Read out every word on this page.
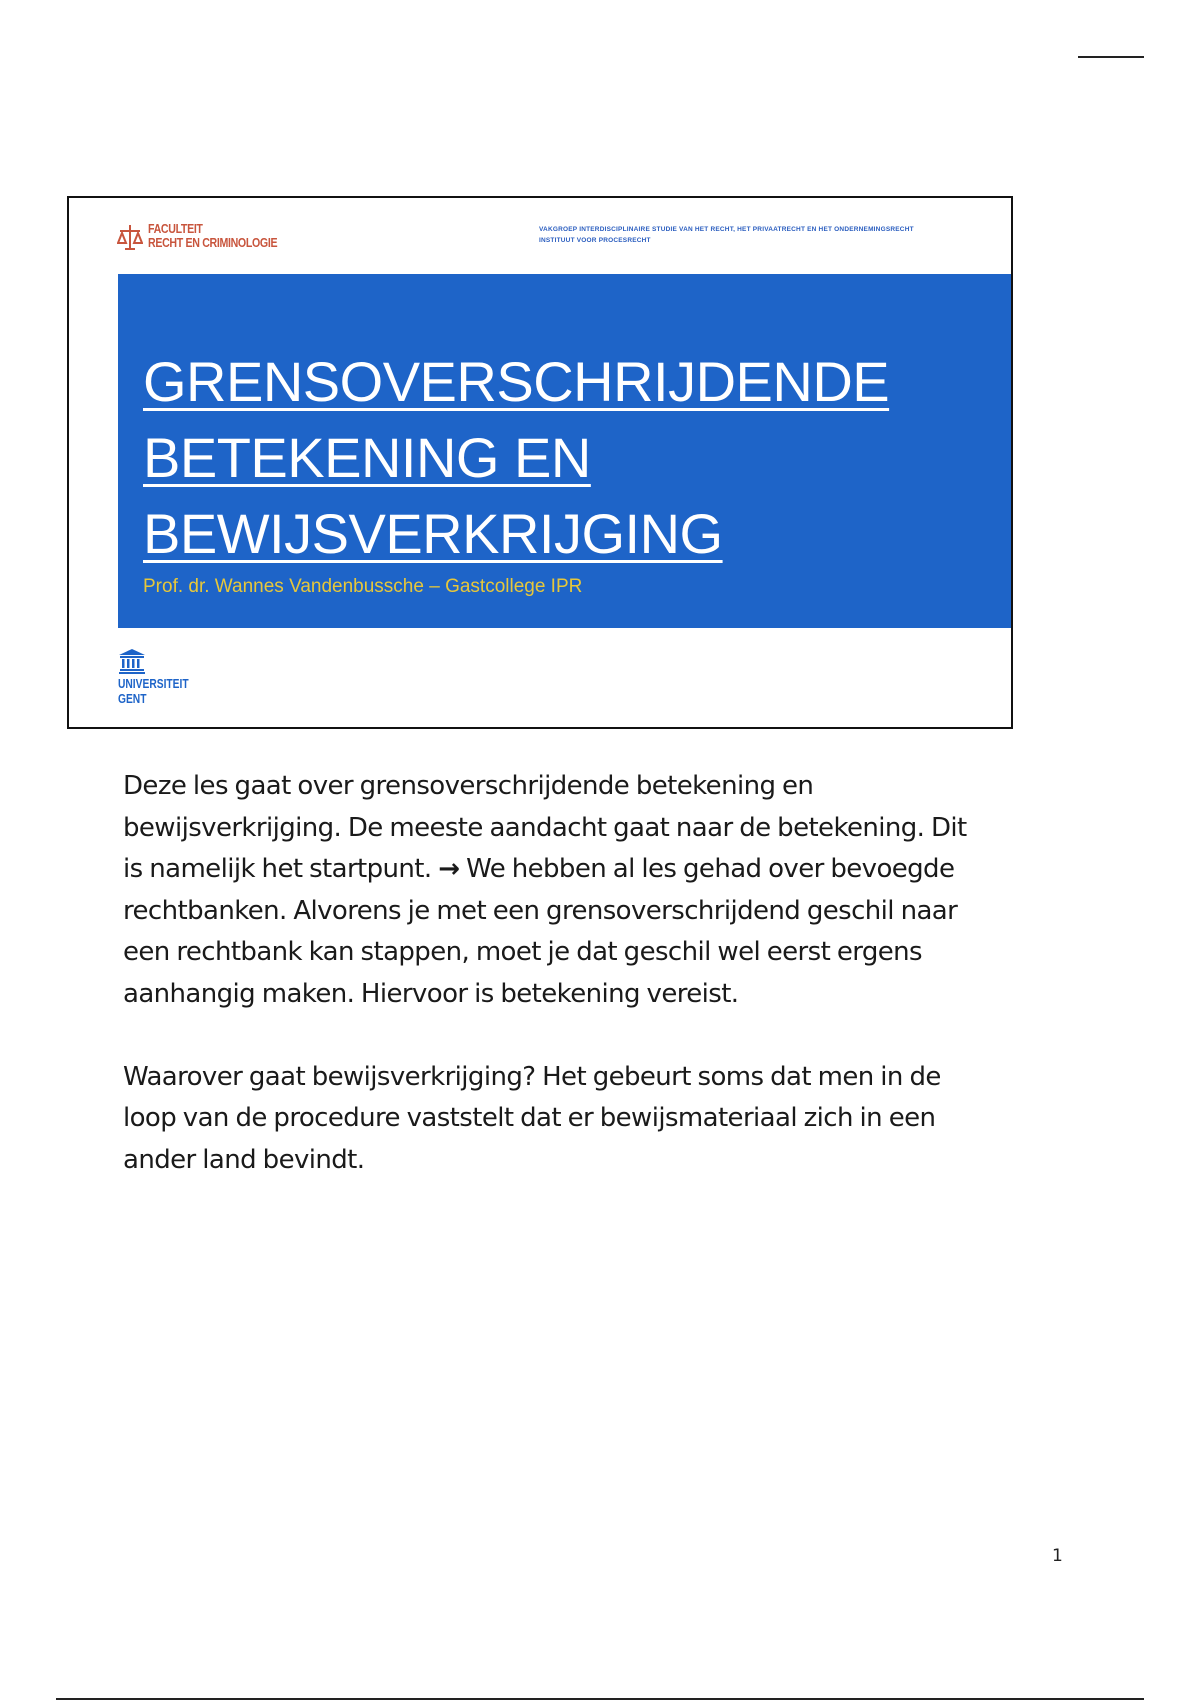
FACULTEIT
RECHT EN CRIMINOLOGIE
VAKGROEP INTERDISCIPLINAIRE STUDIE VAN HET RECHT, HET PRIVAATRECHT EN HET ONDERNEMINGSRECHT
INSTITUUT VOOR PROCESRECHT
GRENSOVERSCHRIJDENDE
BETEKENING EN
BEWIJSVERKRIJGING
Prof. dr. Wannes Vandenbussche – Gastcollege IPR
UNIVERSITEIT
GENT

Deze les gaat over grensoverschrijdende betekening en bewijsverkrijging. De meeste aandacht gaat naar de betekening. Dit is namelijk het startpunt. → We hebben al les gehad over bevoegde rechtbanken. Alvorens je met een grensoverschrijdend geschil naar een rechtbank kan stappen, moet je dat geschil wel eerst ergens aanhangig maken. Hiervoor is betekening vereist.

Waarover gaat bewijsverkrijging? Het gebeurt soms dat men in de loop van de procedure vaststelt dat er bewijsmateriaal zich in een ander land bevindt.

1
